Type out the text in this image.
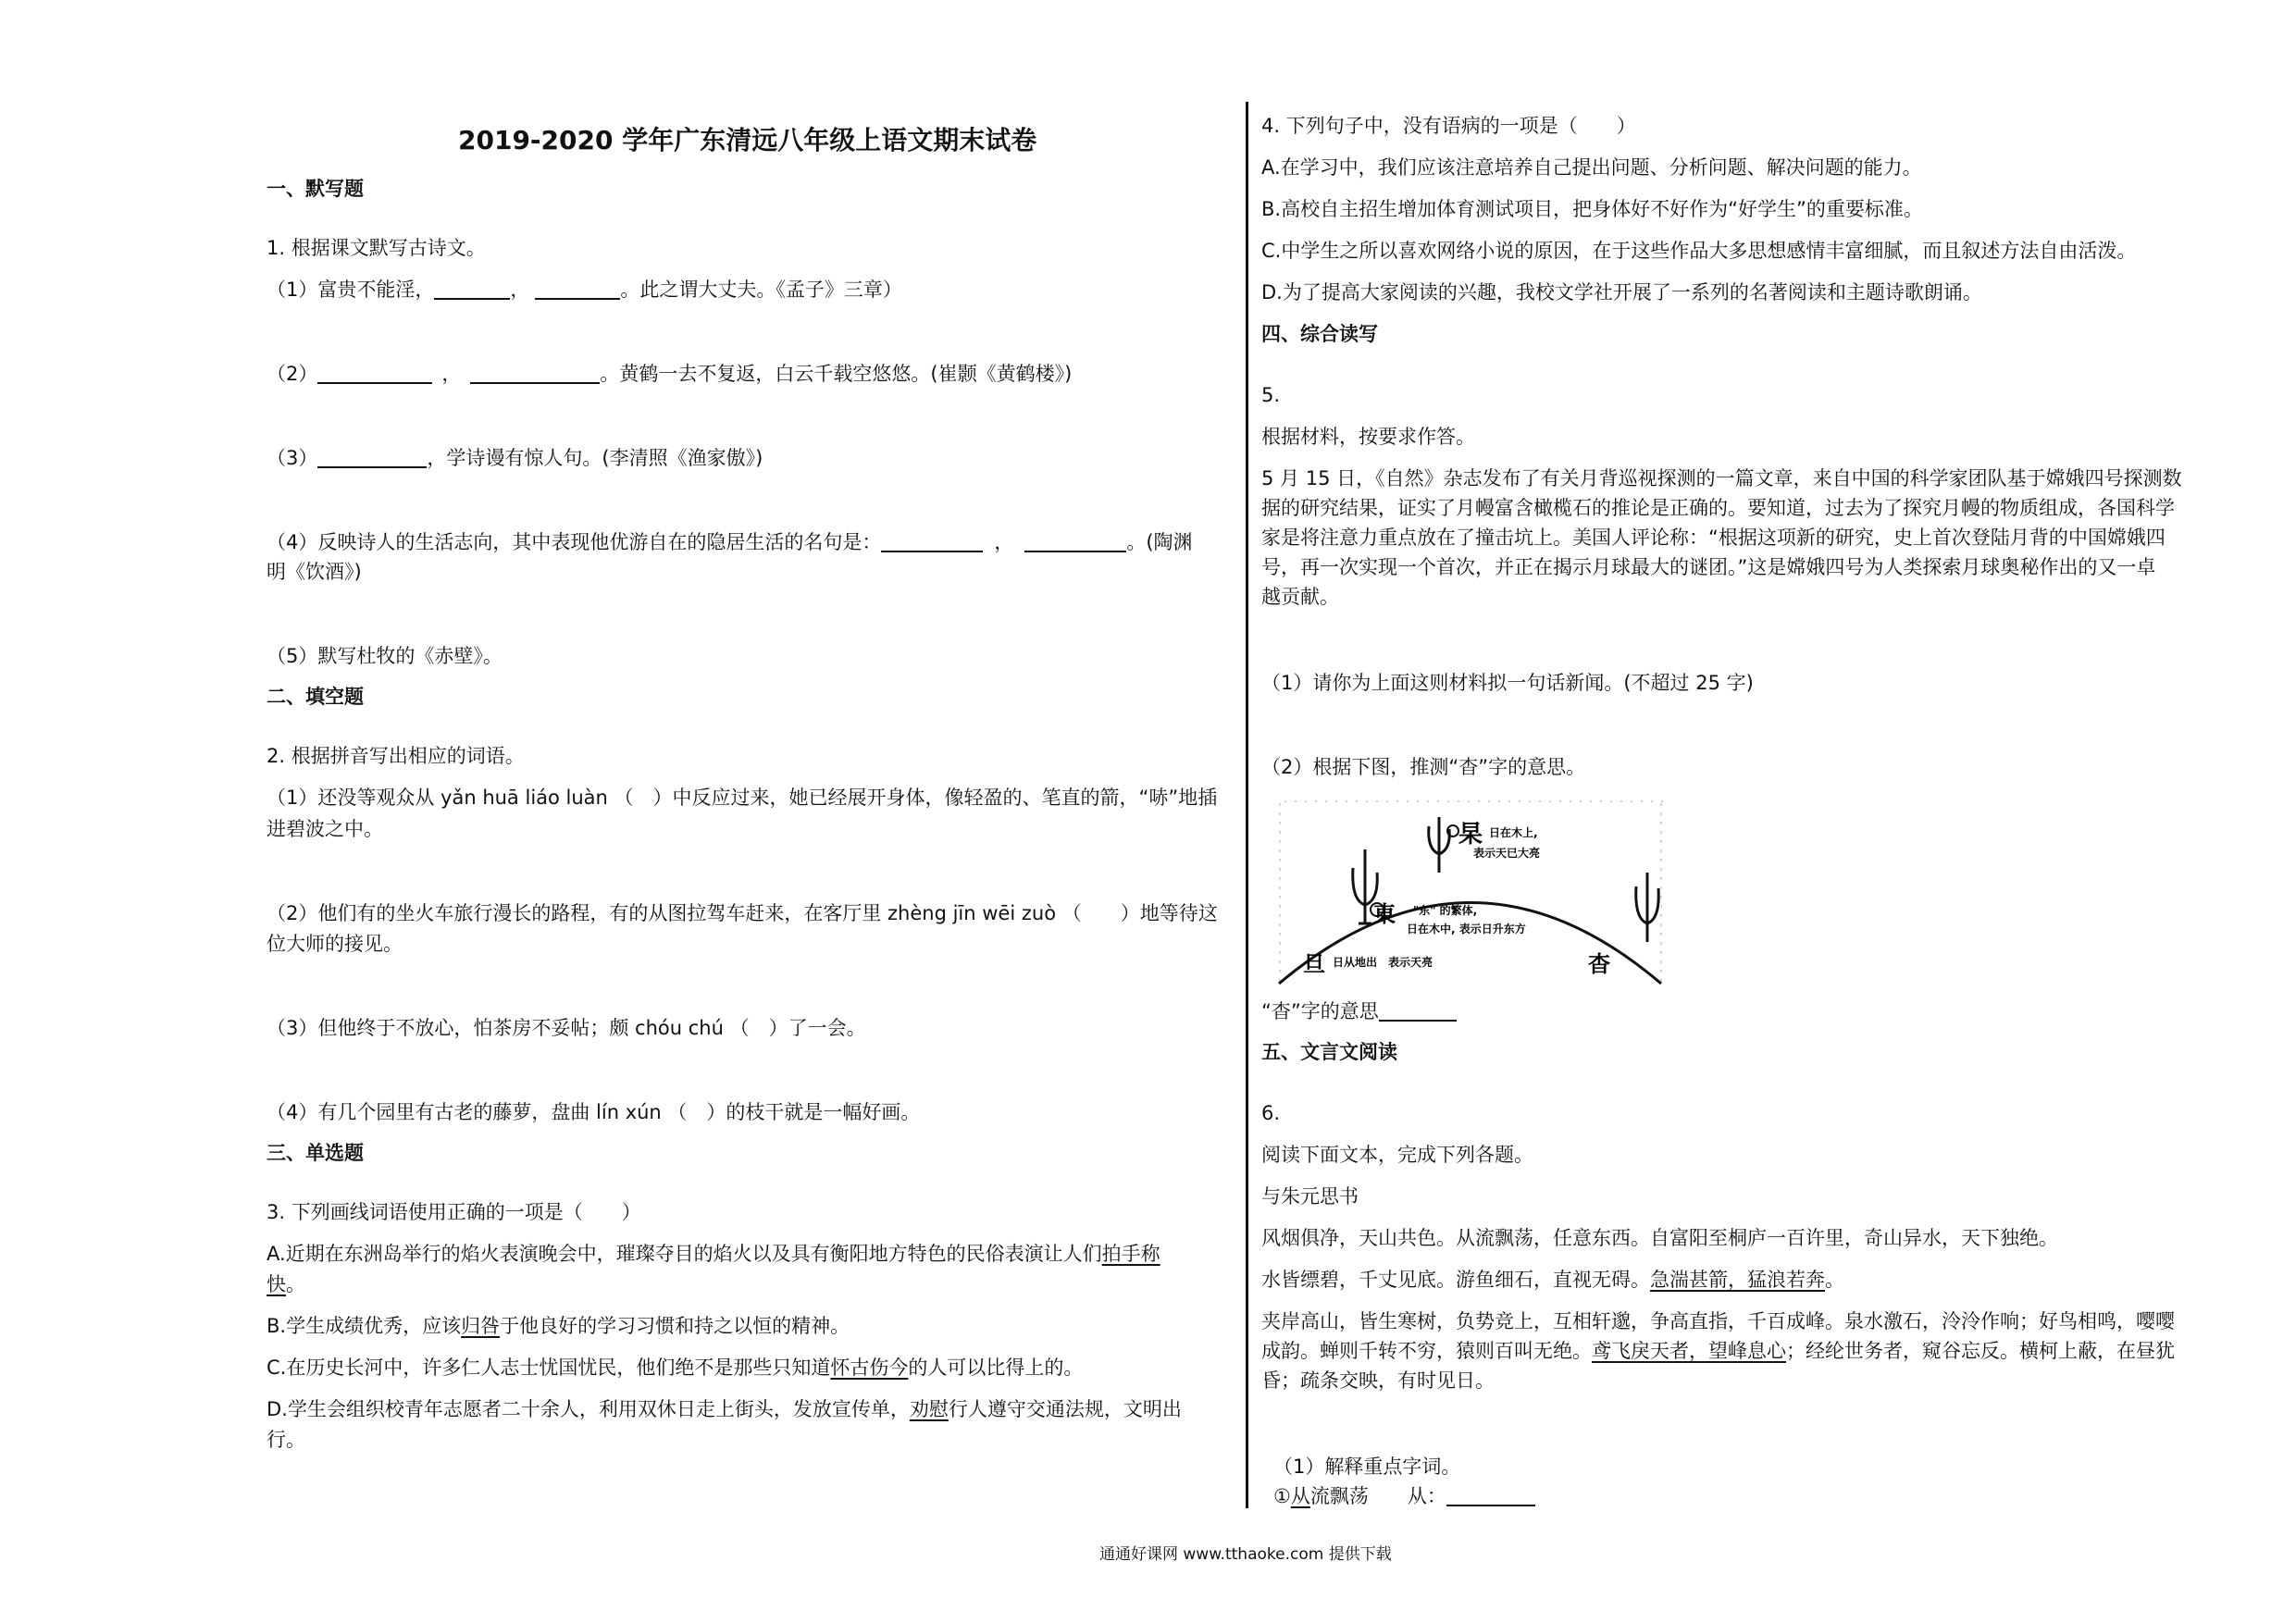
2019-2020 学年广东清远八年级上语文期末试卷
一、默写题
1. 根据课文默写古诗文。
（1）富贵不能淫，	，	。此之谓大丈夫。《孟子》三章）
（2）	，	。黄鹤一去不复返，白云千载空悠悠。(崔颢《黄鹤楼》)
（3）	，学诗谩有惊人句。(李清照《渔家傲》)
（4）反映诗人的生活志向，其中表现他优游自在的隐居生活的名句是：	，	。(陶渊
明《饮酒》)
（5）默写杜牧的《赤壁》。
二、填空题
2. 根据拼音写出相应的词语。
（1）还没等观众从 yǎn huā liáo luàn （　）中反应过来，她已经展开身体，像轻盈的、笔直的箭，“哧”地插
进碧波之中。
（2）他们有的坐火车旅行漫长的路程，有的从图拉驾车赶来，在客厅里 zhèng jīn wēi zuò （　　）地等待这
位大师的接见。
（3）但他终于不放心，怕茶房不妥帖；颇 chóu chú （　）了一会。
（4）有几个园里有古老的藤萝，盘曲 lín xún （　）的枝干就是一幅好画。
三、单选题
3. 下列画线词语使用正确的一项是（　　）
A.近期在东洲岛举行的焰火表演晚会中，璀璨夺目的焰火以及具有衡阳地方特色的民俗表演让人们拍手称
快。
B.学生成绩优秀，应该归咎于他良好的学习习惯和持之以恒的精神。
C.在历史长河中，许多仁人志士忧国忧民，他们绝不是那些只知道怀古伤今的人可以比得上的。
D.学生会组织校青年志愿者二十余人，利用双休日走上街头，发放宣传单，劝慰行人遵守交通法规，文明出
行。
4. 下列句子中，没有语病的一项是（　　）
A.在学习中，我们应该注意培养自己提出问题、分析问题、解决问题的能力。
B.高校自主招生增加体育测试项目，把身体好不好作为“好学生”的重要标准。
C.中学生之所以喜欢网络小说的原因，在于这些作品大多思想感情丰富细腻，而且叙述方法自由活泼。
D.为了提高大家阅读的兴趣，我校文学社开展了一系列的名著阅读和主题诗歌朗诵。
四、综合读写
5.
根据材料，按要求作答。
5 月 15 日，《自然》杂志发布了有关月背巡视探测的一篇文章，来自中国的科学家团队基于嫦娥四号探测数
据的研究结果，证实了月幔富含橄榄石的推论是正确的。要知道，过去为了探究月幔的物质组成，各国科学
家是将注意力重点放在了撞击坑上。美国人评论称：“根据这项新的研究，史上首次登陆月背的中国嫦娥四
号，再一次实现一个首次，并正在揭示月球最大的谜团。”这是嫦娥四号为人类探索月球奥秘作出的又一卓
越贡献。
（1）请你为上面这则材料拟一句话新闻。(不超过 25 字)
（2）根据下图，推测“杳”字的意思。
杲 日在木上,
表示天已大亮
東 "东" 的繁体,
日在木中, 表示日升东方
旦 日从地出　表示天亮	杳
“杳”字的意思
五、文言文阅读
6.
阅读下面文本，完成下列各题。
与朱元思书
风烟俱净，天山共色。从流飘荡，任意东西。自富阳至桐庐一百许里，奇山异水，天下独绝。
水皆缥碧，千丈见底。游鱼细石，直视无碍。急湍甚箭，猛浪若奔。
夹岸高山，皆生寒树，负势竞上，互相轩邈，争高直指，千百成峰。泉水激石，泠泠作响；好鸟相鸣，嘤嘤
成韵。蝉则千转不穷，猿则百叫无绝。鸢飞戾天者，望峰息心；经纶世务者，窥谷忘反。横柯上蔽，在昼犹
昏；疏条交映，有时见日。
（1）解释重点字词。
①从流飘荡　　从：
通通好课网 www.tthaoke.com 提供下载
